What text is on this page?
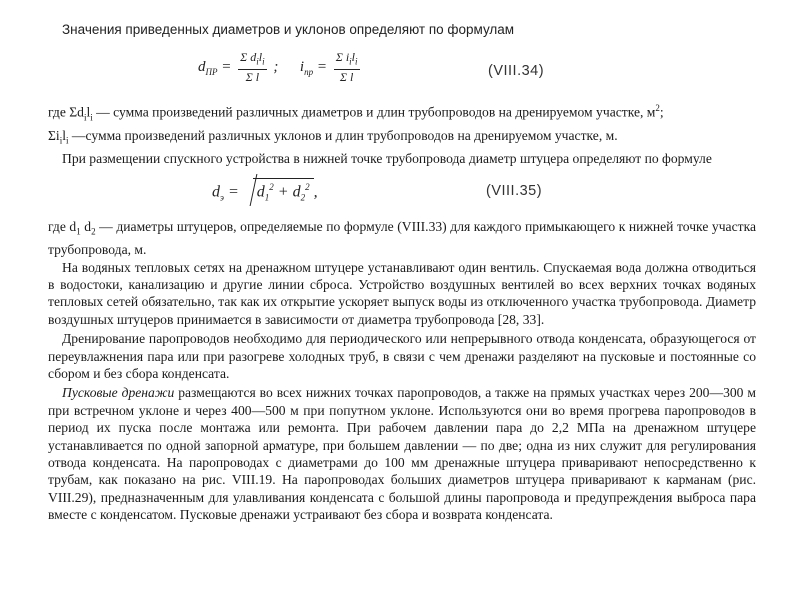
Значения приведенных диаметров и уклонов определяют по формулам
$d_{ПР} = \frac{\Sigma d_il_i}{\text{Σ l}}$ ; $i_{пр} = \frac{\Sigma i_il_i}{\text{Σ l}}$	(VIII.34)

где $\Sigma d_il_i$ — сумма произведений различных диаметров и длин трубопроводов на дренируемом участке, $м^2$;

$\Sigma i_il_i$ —сумма произведений различных уклонов и длин трубопроводов на дренируемом участке, м.

При размещении спускного устройства в нижней точке трубопровода диаметр штуцера определяют по формуле

$d_э = d_1^2 + d_2^2$ ,	(VIII.35)

где $d_1$ $d_2$ — диаметры штуцеров, определяемые по формуле (VIII.33) для каждого примыкающего к нижней точке участка трубопровода, м.

На водяных тепловых сетях на дренажном штуцере устанавливают один вентиль. Спускаемая вода должна отводиться в водостоки, канализацию и другие линии сброса. Устройство воздушных вентилей во всех верхних точках водяных тепловых сетей обязательно, так как их открытие ускоряет выпуск воды из отключенного участка трубопровода. Диаметр воздушных штуцеров принимается в зависимости от диаметра трубопровода [28, 33].

Дренирование паропроводов необходимо для периодического или непрерывного отвода конденсата, образующегося от переувлажнения пара или при разогреве холодных труб, в связи с чем дренажи разделяют на пусковые и постоянные со сбором и без сбора конденсата.

Пусковые дренажи размещаются во всех нижних точках паропроводов, а также на прямых участках через 200—300 м при встречном уклоне и через 400—500 м при попутном уклоне. Используются они во время прогрева паропроводов в период их пуска после монтажа или ремонта. При рабочем давлении пара до 2,2 МПа на дренажном штуцере устанавливается по одной запорной арматуре, при большем давлении — по две; одна из них служит для регулирования отвода конденсата. На паропроводах с диаметрами до 100 мм дренажные штуцера приваривают непосредственно к трубам, как показано на рис. VIII.19. На паропроводах больших диаметров штуцера приваривают к карманам (рис. VIII.29), предназначенным для улавливания конденсата с большой длины паропровода и предупреждения выброса пара вместе с конденсатом. Пусковые дренажи устраивают без сбора и возврата конденсата.
